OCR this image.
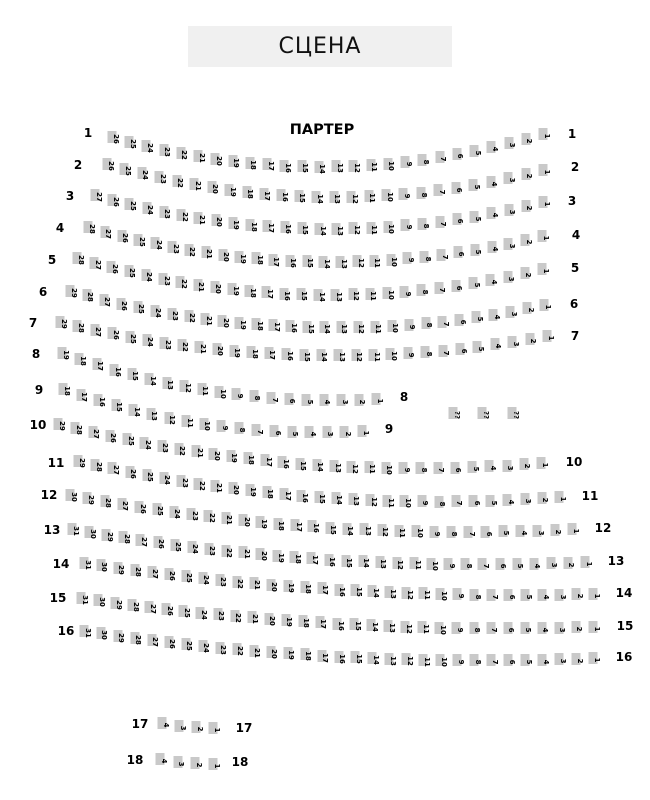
СЦЕНА
ПАРТЕР
26 25 24 23 22 21 20 19 18 17 16 15 14 13 12 11 10 9 8
7
6
5
4
3
2
1
1	1
26 25 24 23 22 21 20 19 18 17 16 15 14 13 12 11 10 9 8 7 6
5
4
3
2
1
2	2
27 26 25 24 23 22 21 20 19 18 17 16 15 14 13 12 11 10 9 8 7 6
5
4
3
2
1
3	3
28 27 26 25 24 23 22 21 20 19 18 17 16 15 14 13 12 11 10 9 8 7 6
5
4
3
2
1
4	4
28 27 26 25 24 23 22 21 20 19 18 17 16 15 14 13 12 11 10 9 8 7 6
5
4
3
2
1
5
5
29 28 27 26 25 24 23 22 21 20 19 18 17 16 15 14 13 12 11 10 9 8 7 6 5
4
3
2
1
6
6
29 28 27 26 25 24 23 22 21 20 19 18 17 16 15 14 13 12 11 10 9 8 7 6 5 4
3
2
1
7
7
19
18
17
16 15 14 13 12 11 10 9 8 7 6 5 4 3 2 1
8
8
18
17
16
15 14 13 12 11 10 9 8 7 6 5 4 3 2 1
9
9
29 28 27 26 25 24 23 22 21 20 19 18 17 16 15 14 13 12 11 10 9 8 7 6 5 4 3 2 1
10
10
29 28 27 26 25 24 23 22 21 20 19 18 17 16 15 14 13 12 11 10 9 8 7 6 5 4 3 2 1
11
11
30 29 28 27 26 25 24 23 22 21 20 19 18 17 16 15 14 13 12 11 10 9 8 7 6 5 4 3 2 1
12
12
31 30 29 28 27 26 25 24 23 22 21 20 19 18 17 16 15 14 13 12 11 10 9 8 7 6 5 4 3 2 1
13
13
31 30 29 28 27 26 25 24 23 22 21 20 19 18 17 16 15 14 13 12 11 10 9 8 7 6 5 4 3 2 1
14
14
31 30 29 28 27 26 25 24 23 22 21 20 19 18 17 16 15 14 13 12 11 10 9 8 7 6 5 4 3 2 1
15
15
31 30 29 28 27 26 25 24 23 22 21 20 19 18 17 16 15 14 13 12 11 10 9 8 7 6 5 4 3 2 1
16
16
4
3 2 1
17	17
4
3 2 1
18	18
??	??	??
